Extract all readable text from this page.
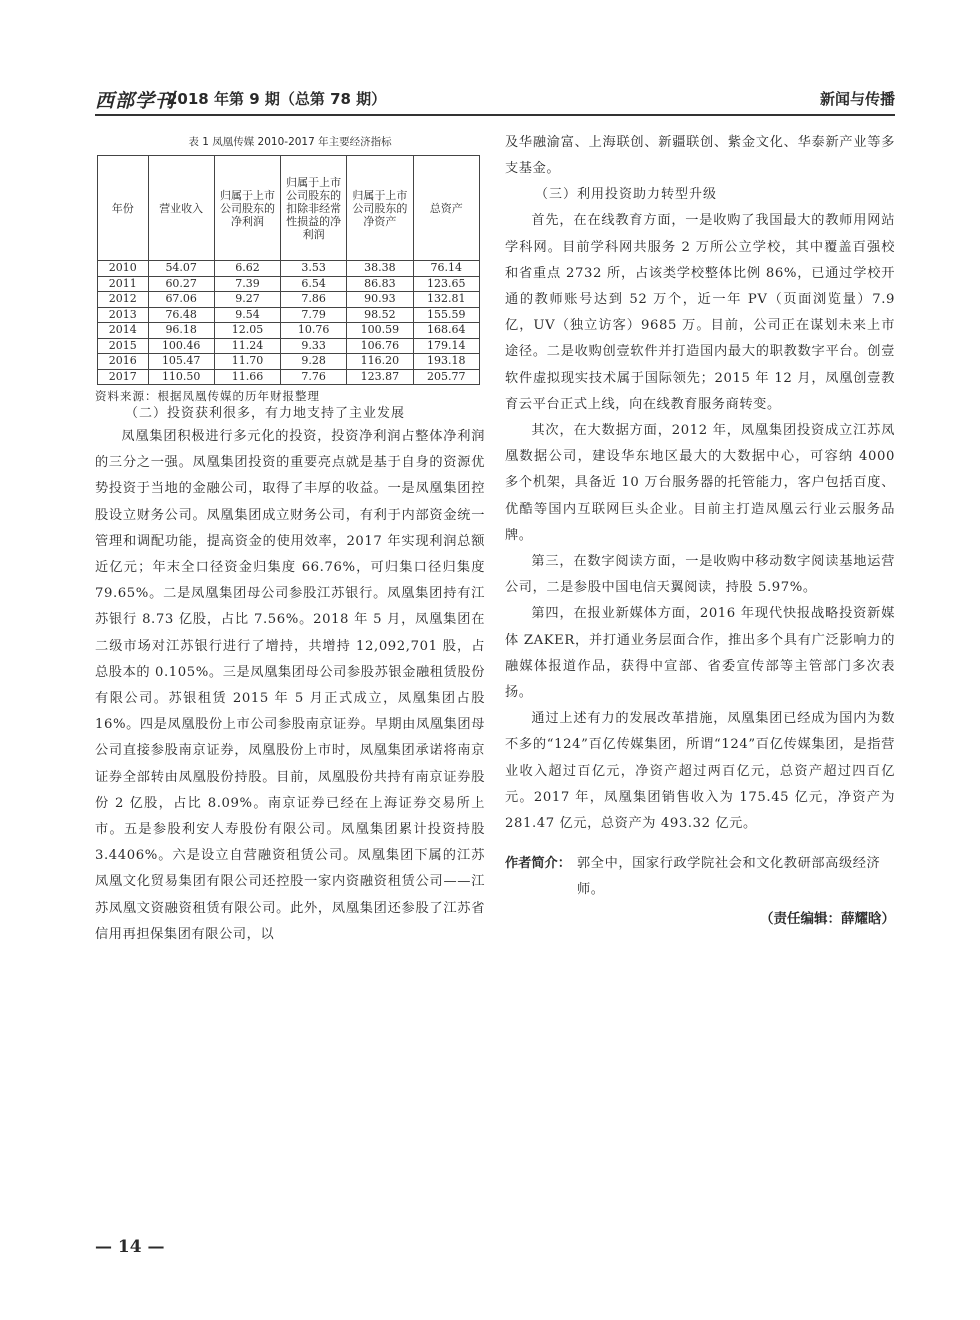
西部学刊
2018 年第 9 期（总第 78 期）	新闻与传播
表 1 凤凰传媒 2010-2017 年主要经济指标
年份	营业收入	归属于上市公司股东的净利润	归属于上市公司股东的扣除非经常性损益的净利润	归属于上市公司股东的净资产	总资产
2010	54.07	6.62	3.53	38.38	76.14
2011	60.27	7.39	6.54	86.83	123.65
2012	67.06	9.27	7.86	90.93	132.81
2013	76.48	9.54	7.79	98.52	155.59
2014	96.18	12.05	10.76	100.59	168.64
2015	100.46	11.24	9.33	106.76	179.14
2016	105.47	11.70	9.28	116.20	193.18
2017	110.50	11.66	7.76	123.87	205.77
资料来源：根据凤凰传媒的历年财报整理
（二）投资获利很多，有力地支持了主业发展

凤凰集团积极进行多元化的投资，投资净利润占整体净利润的三分之一强。凤凰集团投资的重要亮点就是基于自身的资源优势投资于当地的金融公司，取得了丰厚的收益。一是凤凰集团控股设立财务公司。凤凰集团成立财务公司，有利于内部资金统一管理和调配功能，提高资金的使用效率，2017 年实现利润总额近亿元；年末全口径资金归集度 66.76%，可归集口径归集度 79.65%。二是凤凰集团母公司参股江苏银行。凤凰集团持有江苏银行 8.73 亿股，占比 7.56%。2018 年 5 月，凤凰集团在二级市场对江苏银行进行了增持，共增持 12,092,701 股，占总股本的 0.105%。三是凤凰集团母公司参股苏银金融租赁股份有限公司。苏银租赁 2015 年 5 月正式成立，凤凰集团占股 16%。四是凤凰股份上市公司参股南京证券。早期由凤凰集团母公司直接参股南京证券，凤凰股份上市时，凤凰集团承诺将南京证券全部转由凤凰股份持股。目前，凤凰股份共持有南京证券股份 2 亿股，占比 8.09%。南京证券已经在上海证券交易所上市。五是参股利安人寿股份有限公司。凤凰集团累计投资持股 3.4406%。六是设立自营融资租赁公司。凤凰集团下属的江苏凤凰文化贸易集团有限公司还控股一家内资融资租赁公司——江苏凤凰文资融资租赁有限公司。此外，凤凰集团还参股了江苏省信用再担保集团有限公司，以

及华融渝富、上海联创、新疆联创、紫金文化、华泰新产业等多支基金。

（三）利用投资助力转型升级

首先，在在线教育方面，一是收购了我国最大的教师用网站学科网。目前学科网共服务 2 万所公立学校，其中覆盖百强校和省重点 2732 所，占该类学校整体比例 86%，已通过学校开通的教师账号达到 52 万个，近一年 PV（页面浏览量）7.9 亿，UV（独立访客）9685 万。目前，公司正在谋划未来上市途径。二是收购创壹软件并打造国内最大的职教数字平台。创壹软件虚拟现实技术属于国际领先；2015 年 12 月，凤凰创壹教育云平台正式上线，向在线教育服务商转变。

其次，在大数据方面，2012 年，凤凰集团投资成立江苏凤凰数据公司，建设华东地区最大的大数据中心，可容纳 4000 多个机架，具备近 10 万台服务器的托管能力，客户包括百度、优酷等国内互联网巨头企业。目前主打造凤凰云行业云服务品牌。

第三，在数字阅读方面，一是收购中移动数字阅读基地运营公司，二是参股中国电信天翼阅读，持股 5.97%。

第四，在报业新媒体方面，2016 年现代快报战略投资新媒体 ZAKER，并打通业务层面合作，推出多个具有广泛影响力的融媒体报道作品，获得中宣部、省委宣传部等主管部门多次表扬。

通过上述有力的发展改革措施，凤凰集团已经成为国内为数不多的“124”百亿传媒集团，所谓“124”百亿传媒集团，是指营业收入超过百亿元，净资产超过两百亿元，总资产超过四百亿元。2017 年，凤凰集团销售收入为 175.45 亿元，净资产为 281.47 亿元，总资产为 493.32 亿元。

作者简介： 郭全中，国家行政学院社会和文化教研部高级经济师。
（责任编辑：薛耀晗）
— 14 —
